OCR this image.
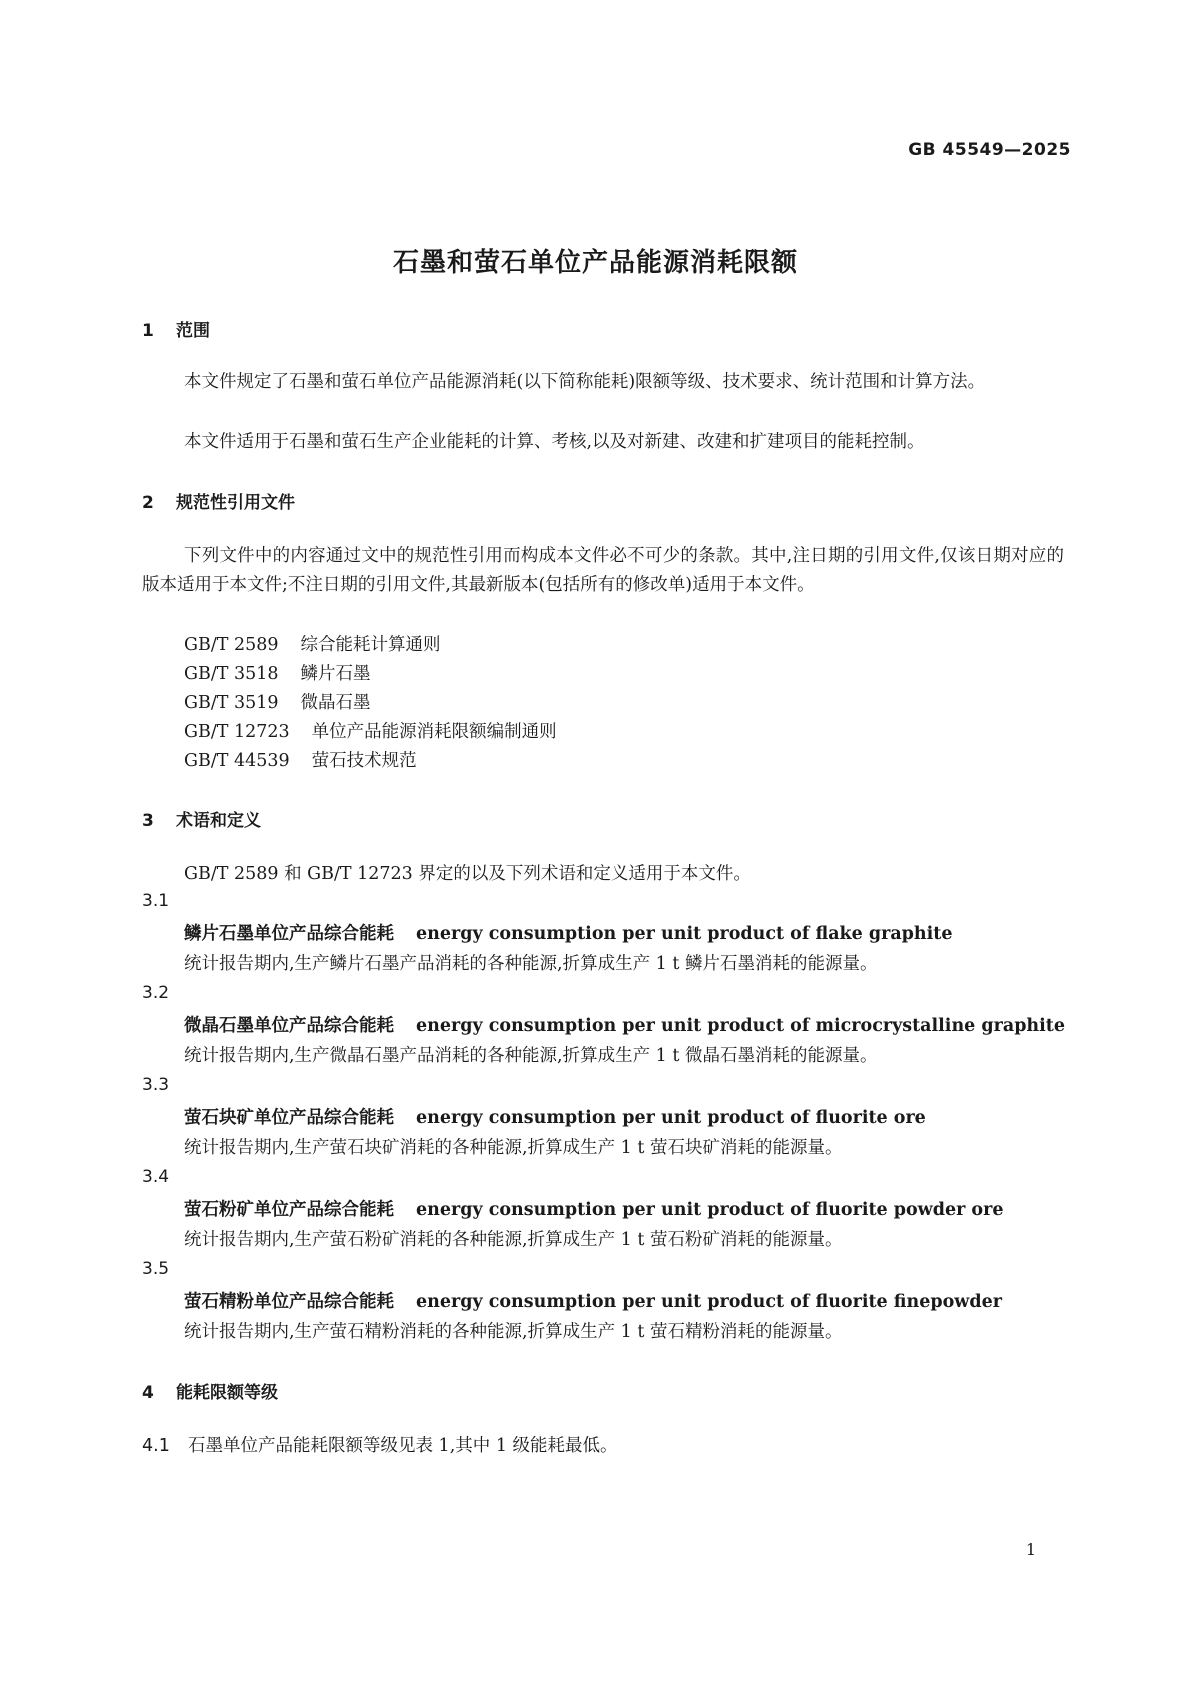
GB 45549—2025
石墨和萤石单位产品能源消耗限额
1 范围
本文件规定了石墨和萤石单位产品能源消耗(以下简称能耗)限额等级、技术要求、统计范围和计算方法。
本文件适用于石墨和萤石生产企业能耗的计算、考核,以及对新建、改建和扩建项目的能耗控制。
2 规范性引用文件
下列文件中的内容通过文中的规范性引用而构成本文件必不可少的条款。其中,注日期的引用文件,仅该日期对应的版本适用于本文件;不注日期的引用文件,其最新版本(包括所有的修改单)适用于本文件。
GB/T 2589 综合能耗计算通则
GB/T 3518 鳞片石墨
GB/T 3519 微晶石墨
GB/T 12723 单位产品能源消耗限额编制通则
GB/T 44539 萤石技术规范
3 术语和定义
GB/T 2589 和 GB/T 12723 界定的以及下列术语和定义适用于本文件。
3.1
鳞片石墨单位产品综合能耗 energy consumption per unit product of flake graphite
统计报告期内,生产鳞片石墨产品消耗的各种能源,折算成生产 1 t 鳞片石墨消耗的能源量。
3.2
微晶石墨单位产品综合能耗 energy consumption per unit product of microcrystalline graphite
统计报告期内,生产微晶石墨产品消耗的各种能源,折算成生产 1 t 微晶石墨消耗的能源量。
3.3
萤石块矿单位产品综合能耗 energy consumption per unit product of fluorite ore
统计报告期内,生产萤石块矿消耗的各种能源,折算成生产 1 t 萤石块矿消耗的能源量。
3.4
萤石粉矿单位产品综合能耗 energy consumption per unit product of fluorite powder ore
统计报告期内,生产萤石粉矿消耗的各种能源,折算成生产 1 t 萤石粉矿消耗的能源量。
3.5
萤石精粉单位产品综合能耗 energy consumption per unit product of fluorite finepowder
统计报告期内,生产萤石精粉消耗的各种能源,折算成生产 1 t 萤石精粉消耗的能源量。
4 能耗限额等级
4.1 石墨单位产品能耗限额等级见表 1,其中 1 级能耗最低。
1
